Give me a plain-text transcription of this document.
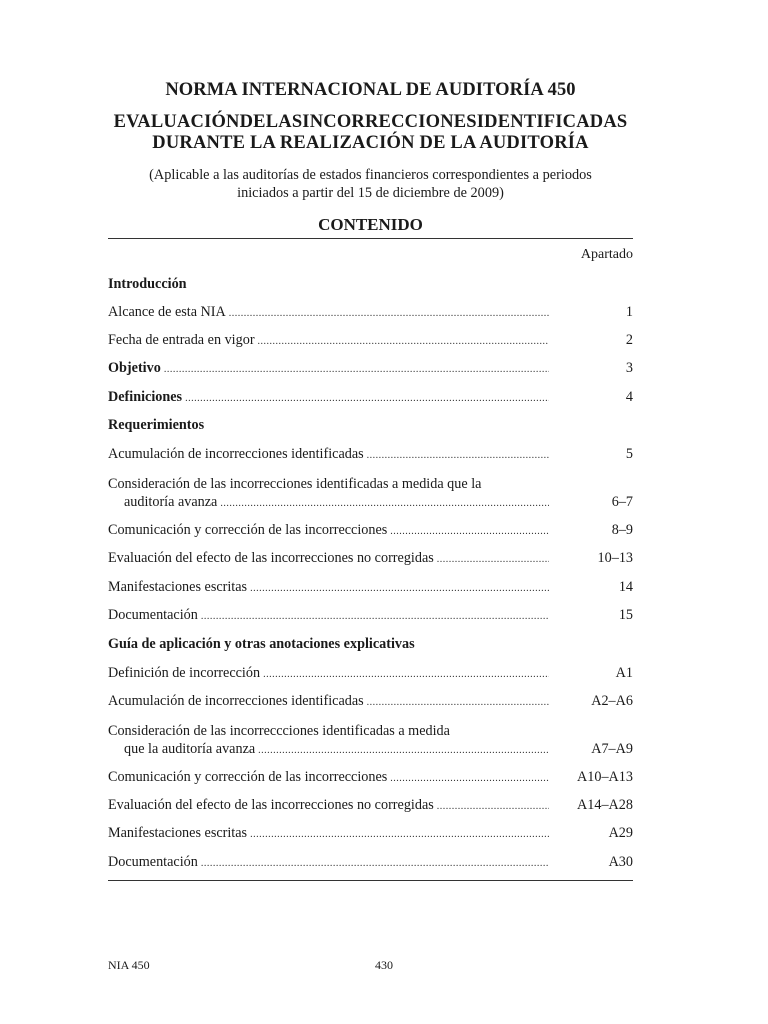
NORMA INTERNACIONAL DE AUDITORÍA 450
EVALUACIÓNDELASINCORRECCIONESIDENTIFICADAS
DURANTE LA REALIZACIÓN DE LA AUDITORÍA
(Aplicable a las auditorías de estados financieros correspondientes a periodos
iniciados a partir del 15 de diciembre de 2009)
CONTENIDO
Apartado
Introducción
Alcance de esta NIA .....	1
Fecha de entrada en vigor .....	2
Objetivo .....	3
Definiciones .....	4
Requerimientos
Acumulación de incorrecciones identificadas .....	5
Consideración de las incorrecciones identificadas a medida que la
auditoría avanza .....	6–7
Comunicación y corrección de las incorrecciones .....	8–9
Evaluación del efecto de las incorrecciones no corregidas .....	10–13
Manifestaciones escritas .....	14
Documentación .....	15
Guía de aplicación y otras anotaciones explicativas
Definición de incorrección .....	A1
Acumulación de incorrecciones identificadas .....	A2–A6
Consideración de las incorreccciones identificadas a medida
que la auditoría avanza .....	A7–A9
Comunicación y corrección de las incorrecciones .....	A10–A13
Evaluación del efecto de las incorrecciones no corregidas .....	A14–A28
Manifestaciones escritas .....	A29
Documentación .....	A30
NIA 450	430
